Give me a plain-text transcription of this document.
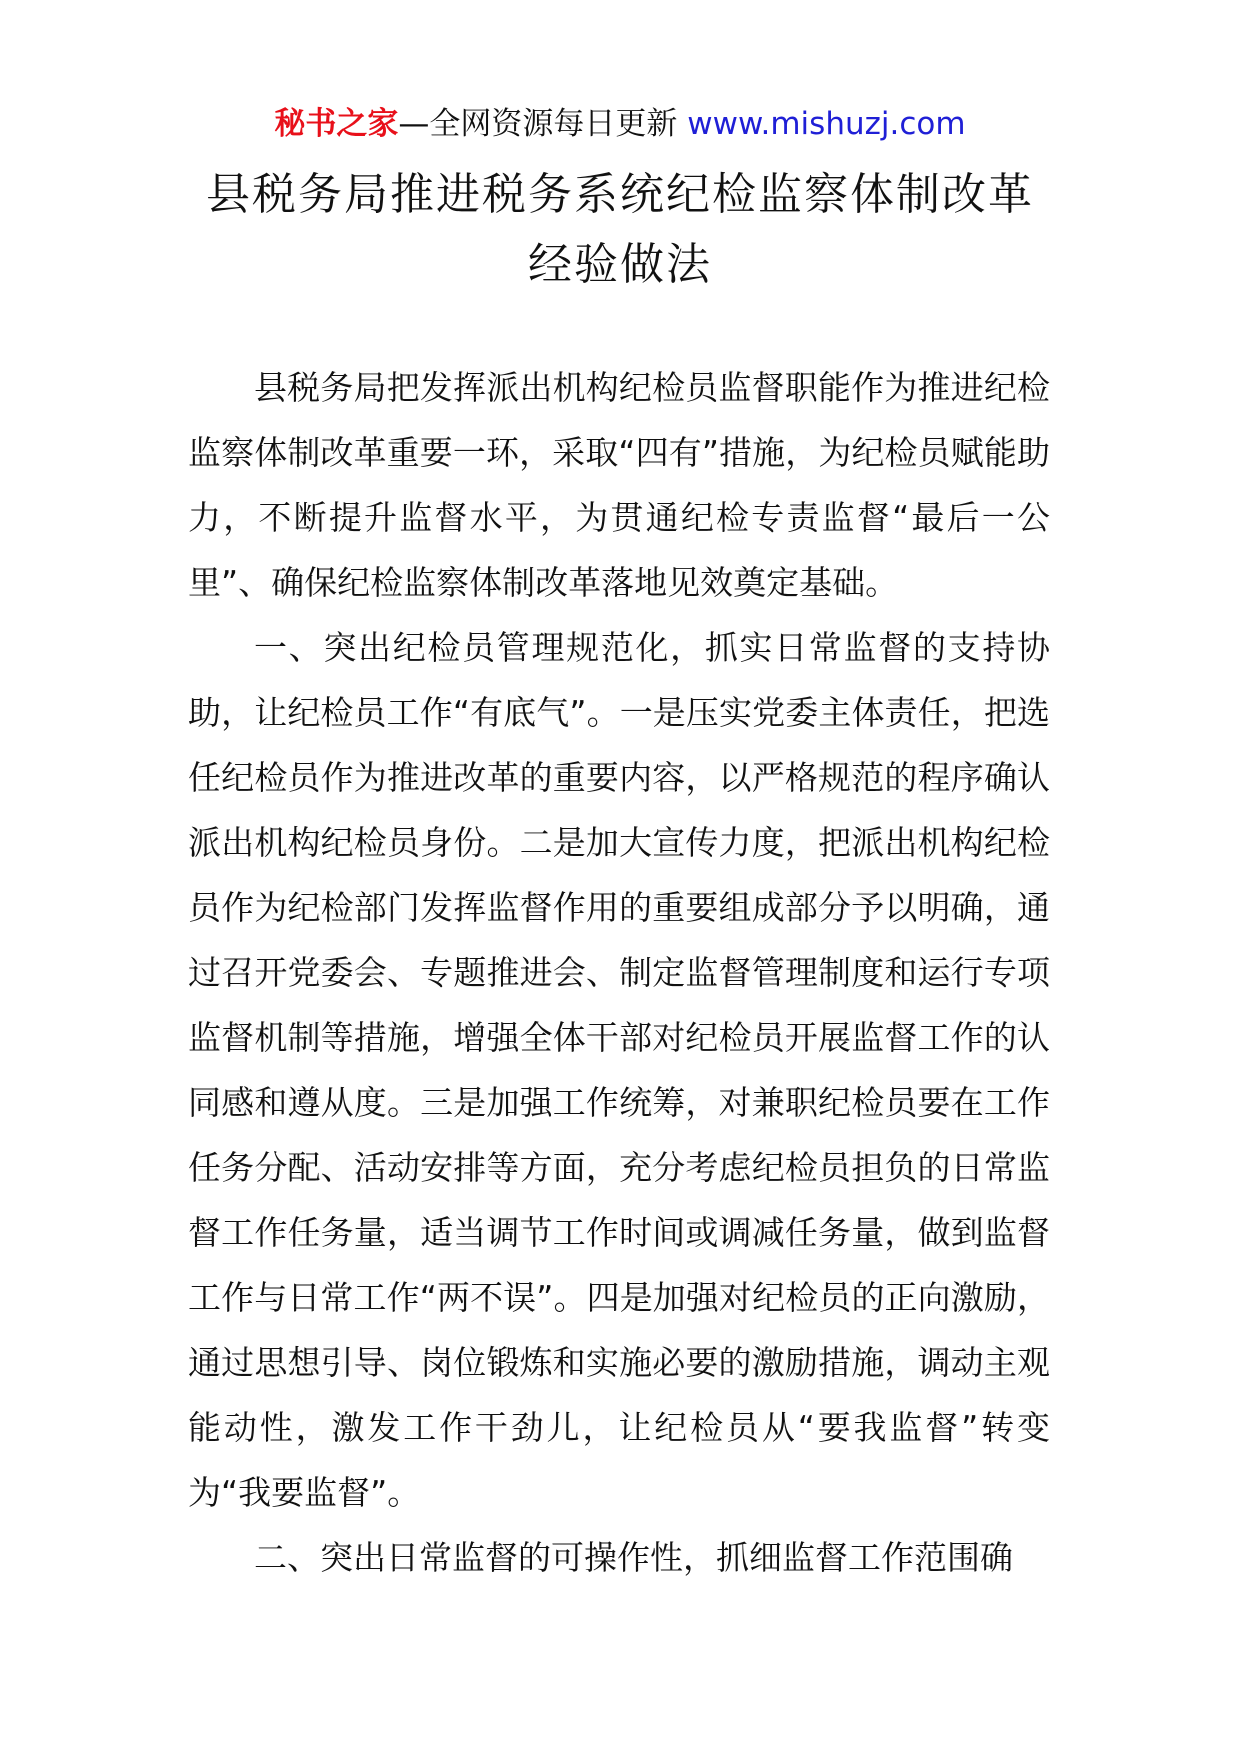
秘书之家—全网资源每日更新 www.mishuzj.com
县税务局推进税务系统纪检监察体制改革
经验做法

县税务局把发挥派出机构纪检员监督职能作为推进纪检监察体制改革重要一环，采取“四有”措施，为纪检员赋能助力，不断提升监督水平，为贯通纪检专责监督“最后一公里”、确保纪检监察体制改革落地见效奠定基础。

一、突出纪检员管理规范化，抓实日常监督的支持协助，让纪检员工作“有底气”。一是压实党委主体责任，把选任纪检员作为推进改革的重要内容，以严格规范的程序确认派出机构纪检员身份。二是加大宣传力度，把派出机构纪检员作为纪检部门发挥监督作用的重要组成部分予以明确，通过召开党委会、专题推进会、制定监督管理制度和运行专项监督机制等措施，增强全体干部对纪检员开展监督工作的认同感和遵从度。三是加强工作统筹，对兼职纪检员要在工作任务分配、活动安排等方面，充分考虑纪检员担负的日常监督工作任务量，适当调节工作时间或调减任务量，做到监督工作与日常工作“两不误”。四是加强对纪检员的正向激励，通过思想引导、岗位锻炼和实施必要的激励措施，调动主观能动性，激发工作干劲儿，让纪检员从“要我监督”转变为“我要监督”。

二、突出日常监督的可操作性，抓细监督工作范围确
